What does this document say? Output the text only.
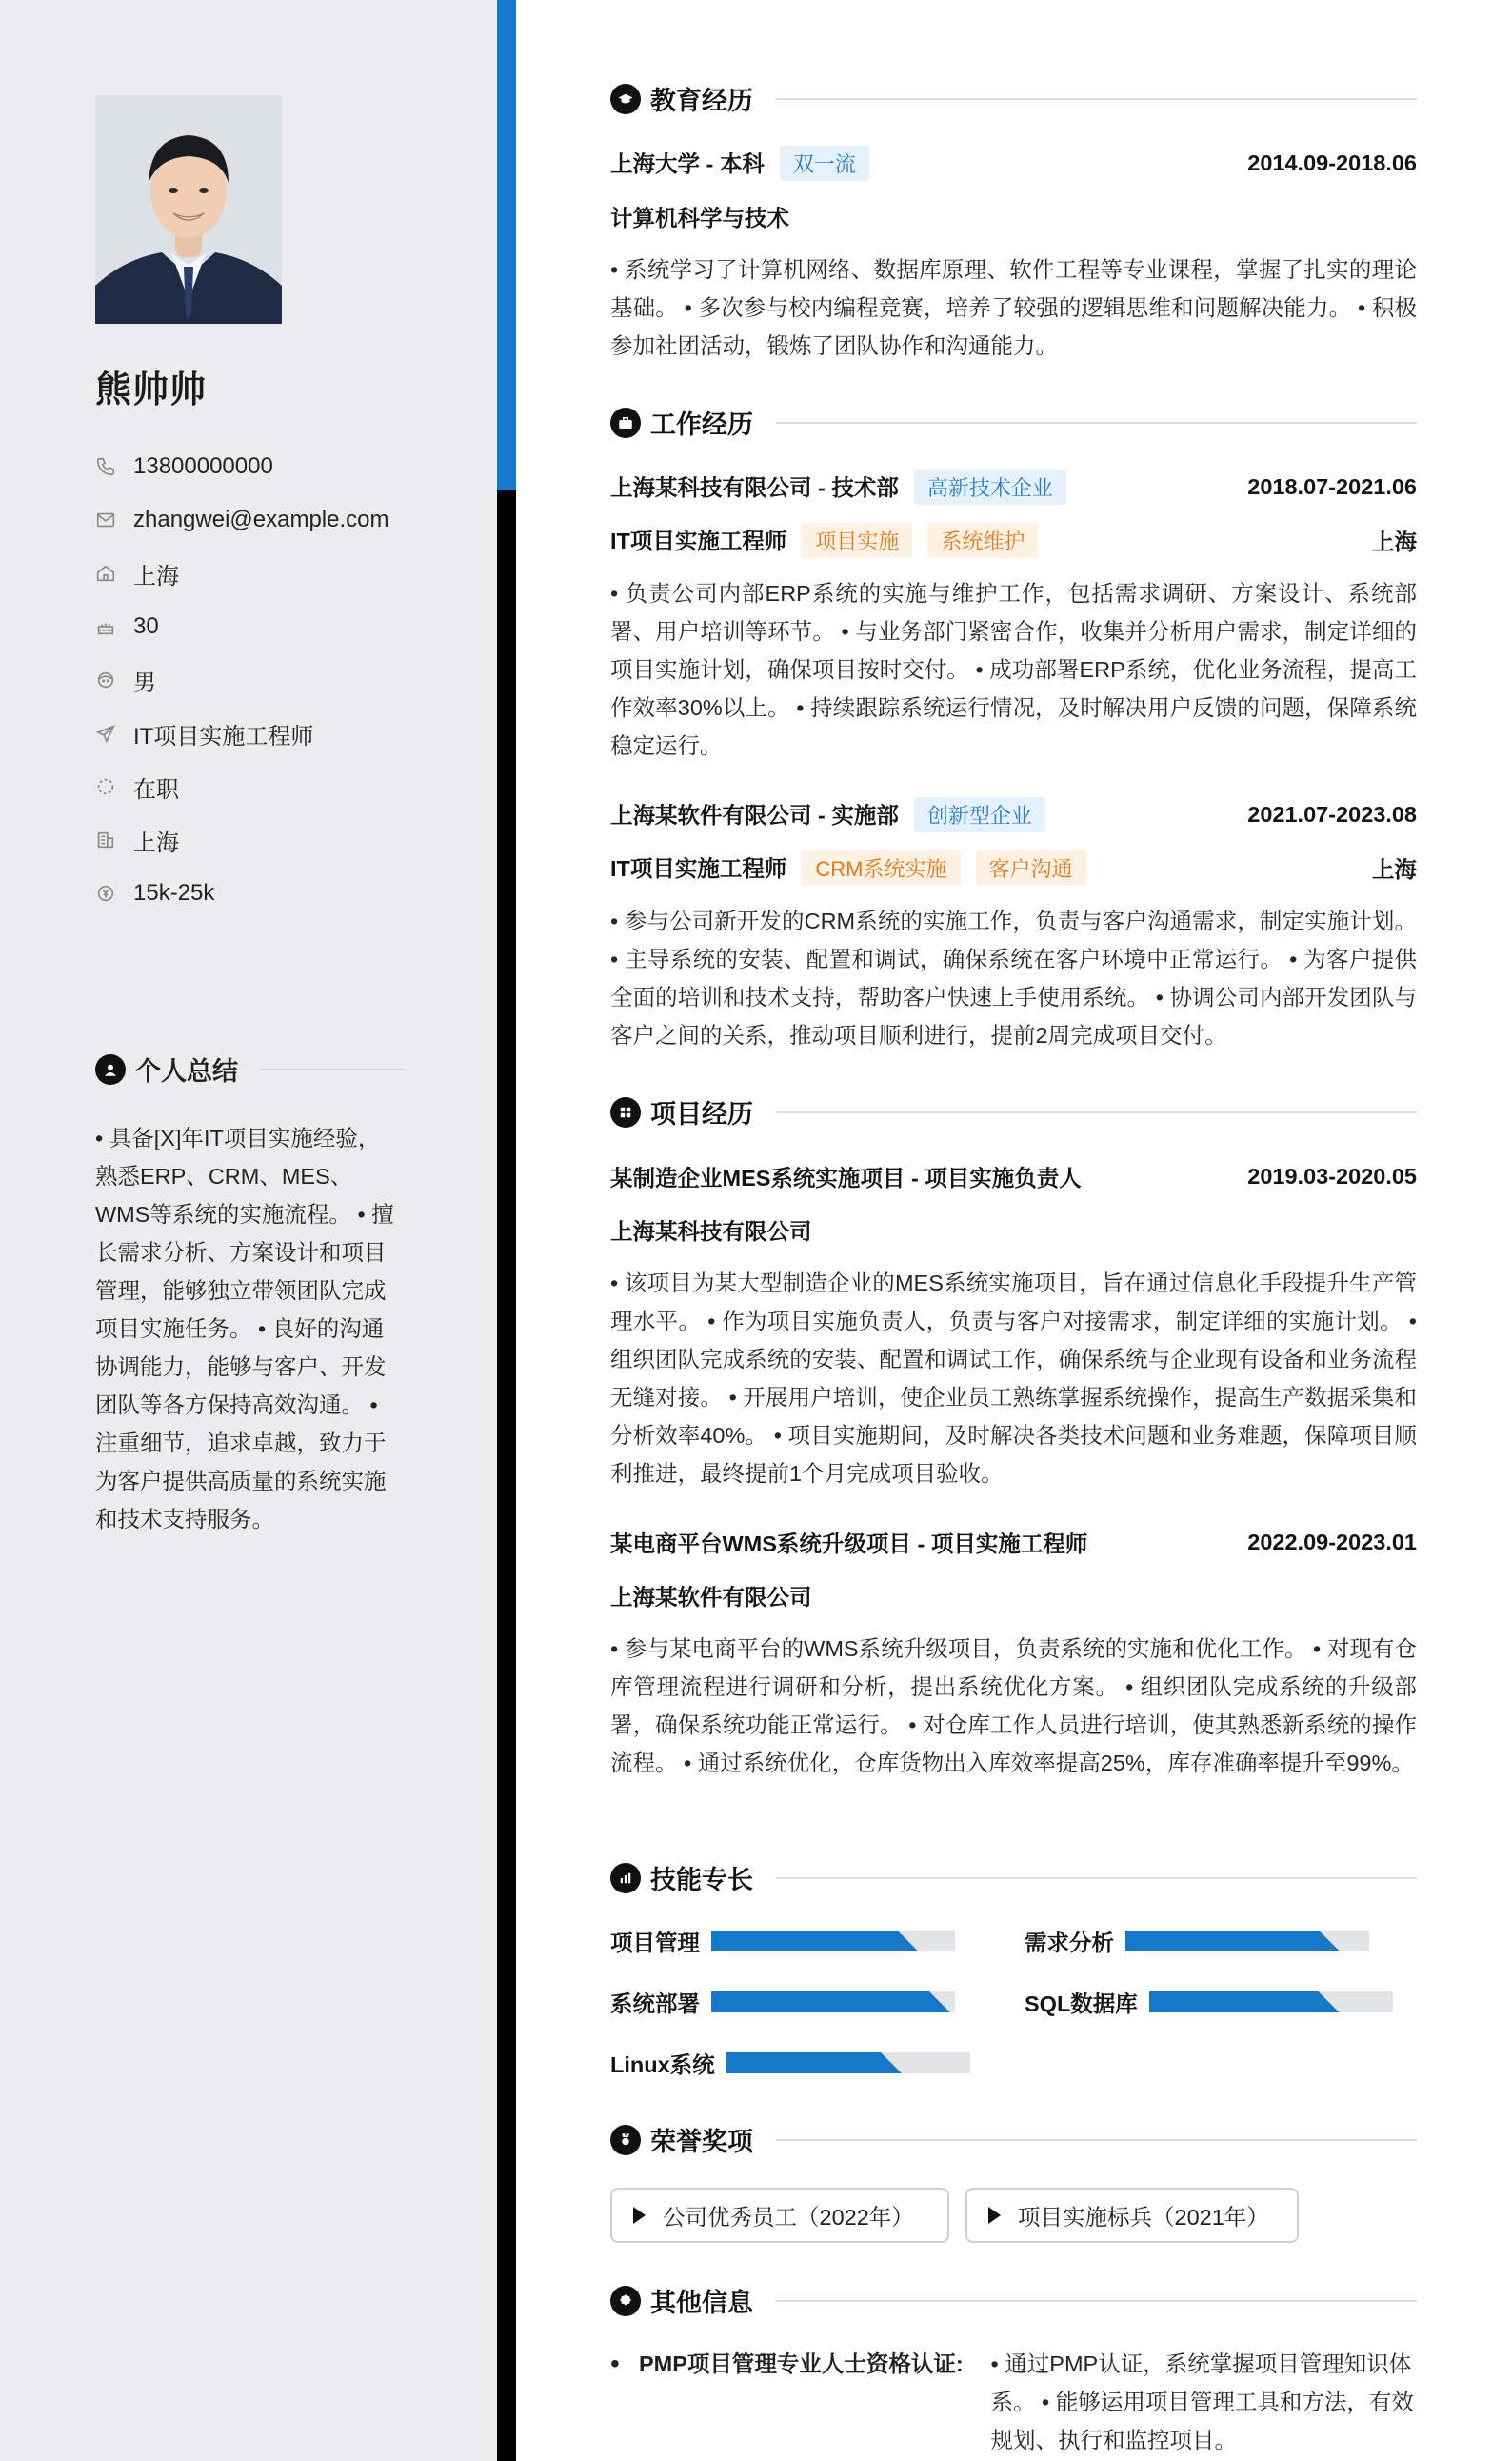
熊帅帅
13800000000
zhangwei@example.com
上海
30
男
IT项目实施工程师
在职
上海
15k-25k
个人总结
• 具备[X]年IT项目实施经验，熟悉ERP、CRM、MES、WMS等系统的实施流程。 • 擅长需求分析、方案设计和项目管理，能够独立带领团队完成项目实施任务。 • 良好的沟通协调能力，能够与客户、开发团队等各方保持高效沟通。 • 注重细节，追求卓越，致力于为客户提供高质量的系统实施和技术支持服务。
教育经历
上海大学 - 本科 双一流	2014.09-2018.06
计算机科学与技术
• 系统学习了计算机网络、数据库原理、软件工程等专业课程，掌握了扎实的理论基础。 • 多次参与校内编程竞赛，培养了较强的逻辑思维和问题解决能力。 • 积极参加社团活动，锻炼了团队协作和沟通能力。
工作经历
上海某科技有限公司 - 技术部 高新技术企业	2018.07-2021.06
IT项目实施工程师 项目实施 系统维护	上海
• 负责公司内部ERP系统的实施与维护工作，包括需求调研、方案设计、系统部署、用户培训等环节。 • 与业务部门紧密合作，收集并分析用户需求，制定详细的项目实施计划，确保项目按时交付。 • 成功部署ERP系统，优化业务流程，提高工作效率30%以上。 • 持续跟踪系统运行情况，及时解决用户反馈的问题，保障系统稳定运行。
上海某软件有限公司 - 实施部 创新型企业	2021.07-2023.08
IT项目实施工程师 CRM系统实施 客户沟通	上海
• 参与公司新开发的CRM系统的实施工作，负责与客户沟通需求，制定实施计划。 • 主导系统的安装、配置和调试，确保系统在客户环境中正常运行。 • 为客户提供全面的培训和技术支持，帮助客户快速上手使用系统。 • 协调公司内部开发团队与客户之间的关系，推动项目顺利进行，提前2周完成项目交付。
项目经历
某制造企业MES系统实施项目 - 项目实施负责人	2019.03-2020.05
上海某科技有限公司
• 该项目为某大型制造企业的MES系统实施项目，旨在通过信息化手段提升生产管理水平。 • 作为项目实施负责人，负责与客户对接需求，制定详细的实施计划。 • 组织团队完成系统的安装、配置和调试工作，确保系统与企业现有设备和业务流程无缝对接。 • 开展用户培训，使企业员工熟练掌握系统操作，提高生产数据采集和分析效率40%。 • 项目实施期间，及时解决各类技术问题和业务难题，保障项目顺利推进，最终提前1个月完成项目验收。
某电商平台WMS系统升级项目 - 项目实施工程师	2022.09-2023.01
上海某软件有限公司
• 参与某电商平台的WMS系统升级项目，负责系统的实施和优化工作。 • 对现有仓库管理流程进行调研和分析，提出系统优化方案。 • 组织团队完成系统的升级部署，确保系统功能正常运行。 • 对仓库工作人员进行培训，使其熟悉新系统的操作流程。 • 通过系统优化，仓库货物出入库效率提高25%，库存准确率提升至99%。
技能专长
项目管理	需求分析
系统部署	SQL数据库
Linux系统
荣誉奖项
公司优秀员工（2022年）	项目实施标兵（2021年）
其他信息
• PMP项目管理专业人士资格认证:	• 通过PMP认证，系统掌握项目管理知识体系。 • 能够运用项目管理工具和方法，有效规划、执行和监控项目。
